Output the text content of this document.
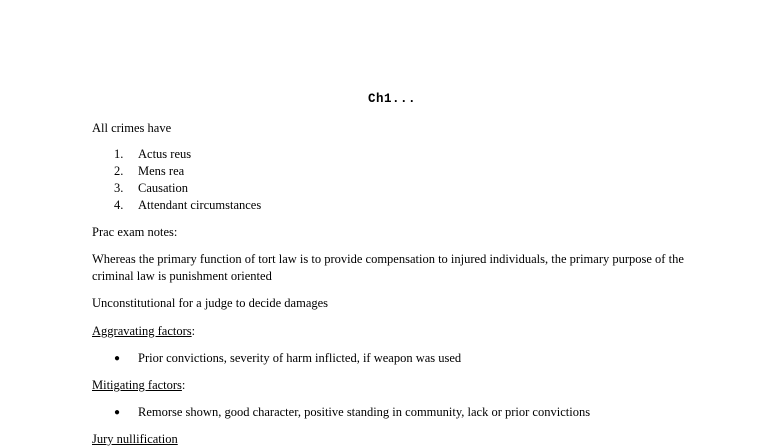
Ch1...
All crimes have
1. Actus reus
2. Mens rea
3. Causation
4. Attendant circumstances
Prac exam notes:
Whereas the primary function of tort law is to provide compensation to injured individuals, the primary purpose of the criminal law is punishment oriented
Unconstitutional for a judge to decide damages
Aggravating factors:
● Prior convictions, severity of harm inflicted, if weapon was used
Mitigating factors:
● Remorse shown, good character, positive standing in community, lack or prior convictions
Jury nullification
